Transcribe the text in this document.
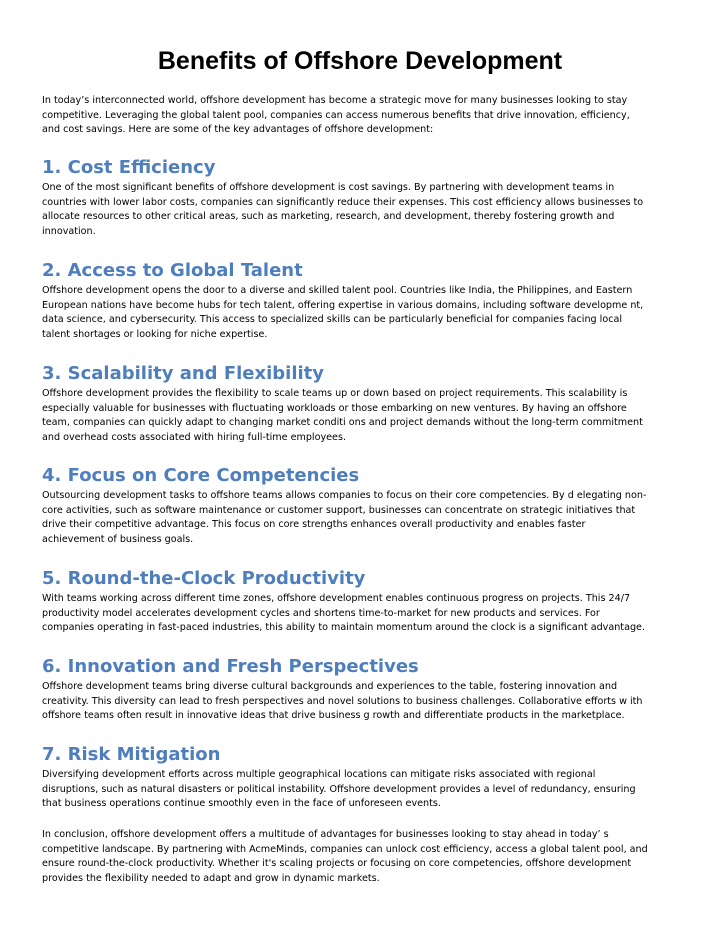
Benefits of Offshore Development

In today’s interconnected world, offshore development has become a strategic move for many businesses looking to stay
competitive. Leveraging the global talent pool, companies can access numerous benefits that drive innovation, efficiency,
and cost savings. Here are some of the key advantages of offshore development:

1. Cost Efficiency

One of the most significant benefits of offshore development is cost savings. By partnering with development teams in
countries with lower labor costs, companies can significantly reduce their expenses. This cost efficiency allows businesses to
allocate resources to other critical areas, such as marketing, research, and development, thereby fostering growth and
innovation.

2. Access to Global Talent

Offshore development opens the door to a diverse and skilled talent pool. Countries like India, the Philippines, and Eastern
European nations have become hubs for tech talent, offering expertise in various domains, including software developme nt,
data science, and cybersecurity. This access to specialized skills can be particularly beneficial for companies facing local
talent shortages or looking for niche expertise.

3. Scalability and Flexibility

Offshore development provides the flexibility to scale teams up or down based on project requirements. This scalability is
especially valuable for businesses with fluctuating workloads or those embarking on new ventures. By having an offshore
team, companies can quickly adapt to changing market conditi ons and project demands without the long-term commitment
and overhead costs associated with hiring full-time employees.

4. Focus on Core Competencies

Outsourcing development tasks to offshore teams allows companies to focus on their core competencies. By d elegating non-
core activities, such as software maintenance or customer support, businesses can concentrate on strategic initiatives that
drive their competitive advantage. This focus on core strengths enhances overall productivity and enables faster
achievement of business goals.

5. Round-the-Clock Productivity

With teams working across different time zones, offshore development enables continuous progress on projects. This 24/7
productivity model accelerates development cycles and shortens time-to-market for new products and services. For
companies operating in fast-paced industries, this ability to maintain momentum around the clock is a significant advantage.

6. Innovation and Fresh Perspectives

Offshore development teams bring diverse cultural backgrounds and experiences to the table, fostering innovation and
creativity. This diversity can lead to fresh perspectives and novel solutions to business challenges. Collaborative efforts w ith
offshore teams often result in innovative ideas that drive business g rowth and differentiate products in the marketplace.

7. Risk Mitigation

Diversifying development efforts across multiple geographical locations can mitigate risks associated with regional
disruptions, such as natural disasters or political instability. Offshore development provides a level of redundancy, ensuring
that business operations continue smoothly even in the face of unforeseen events.

In conclusion, offshore development offers a multitude of advantages for businesses looking to stay ahead in today’ s
competitive landscape. By partnering with AcmeMinds, companies can unlock cost efficiency, access a global talent pool, and
ensure round-the-clock productivity. Whether it's scaling projects or focusing on core competencies, offshore development
provides the flexibility needed to adapt and grow in dynamic markets.
